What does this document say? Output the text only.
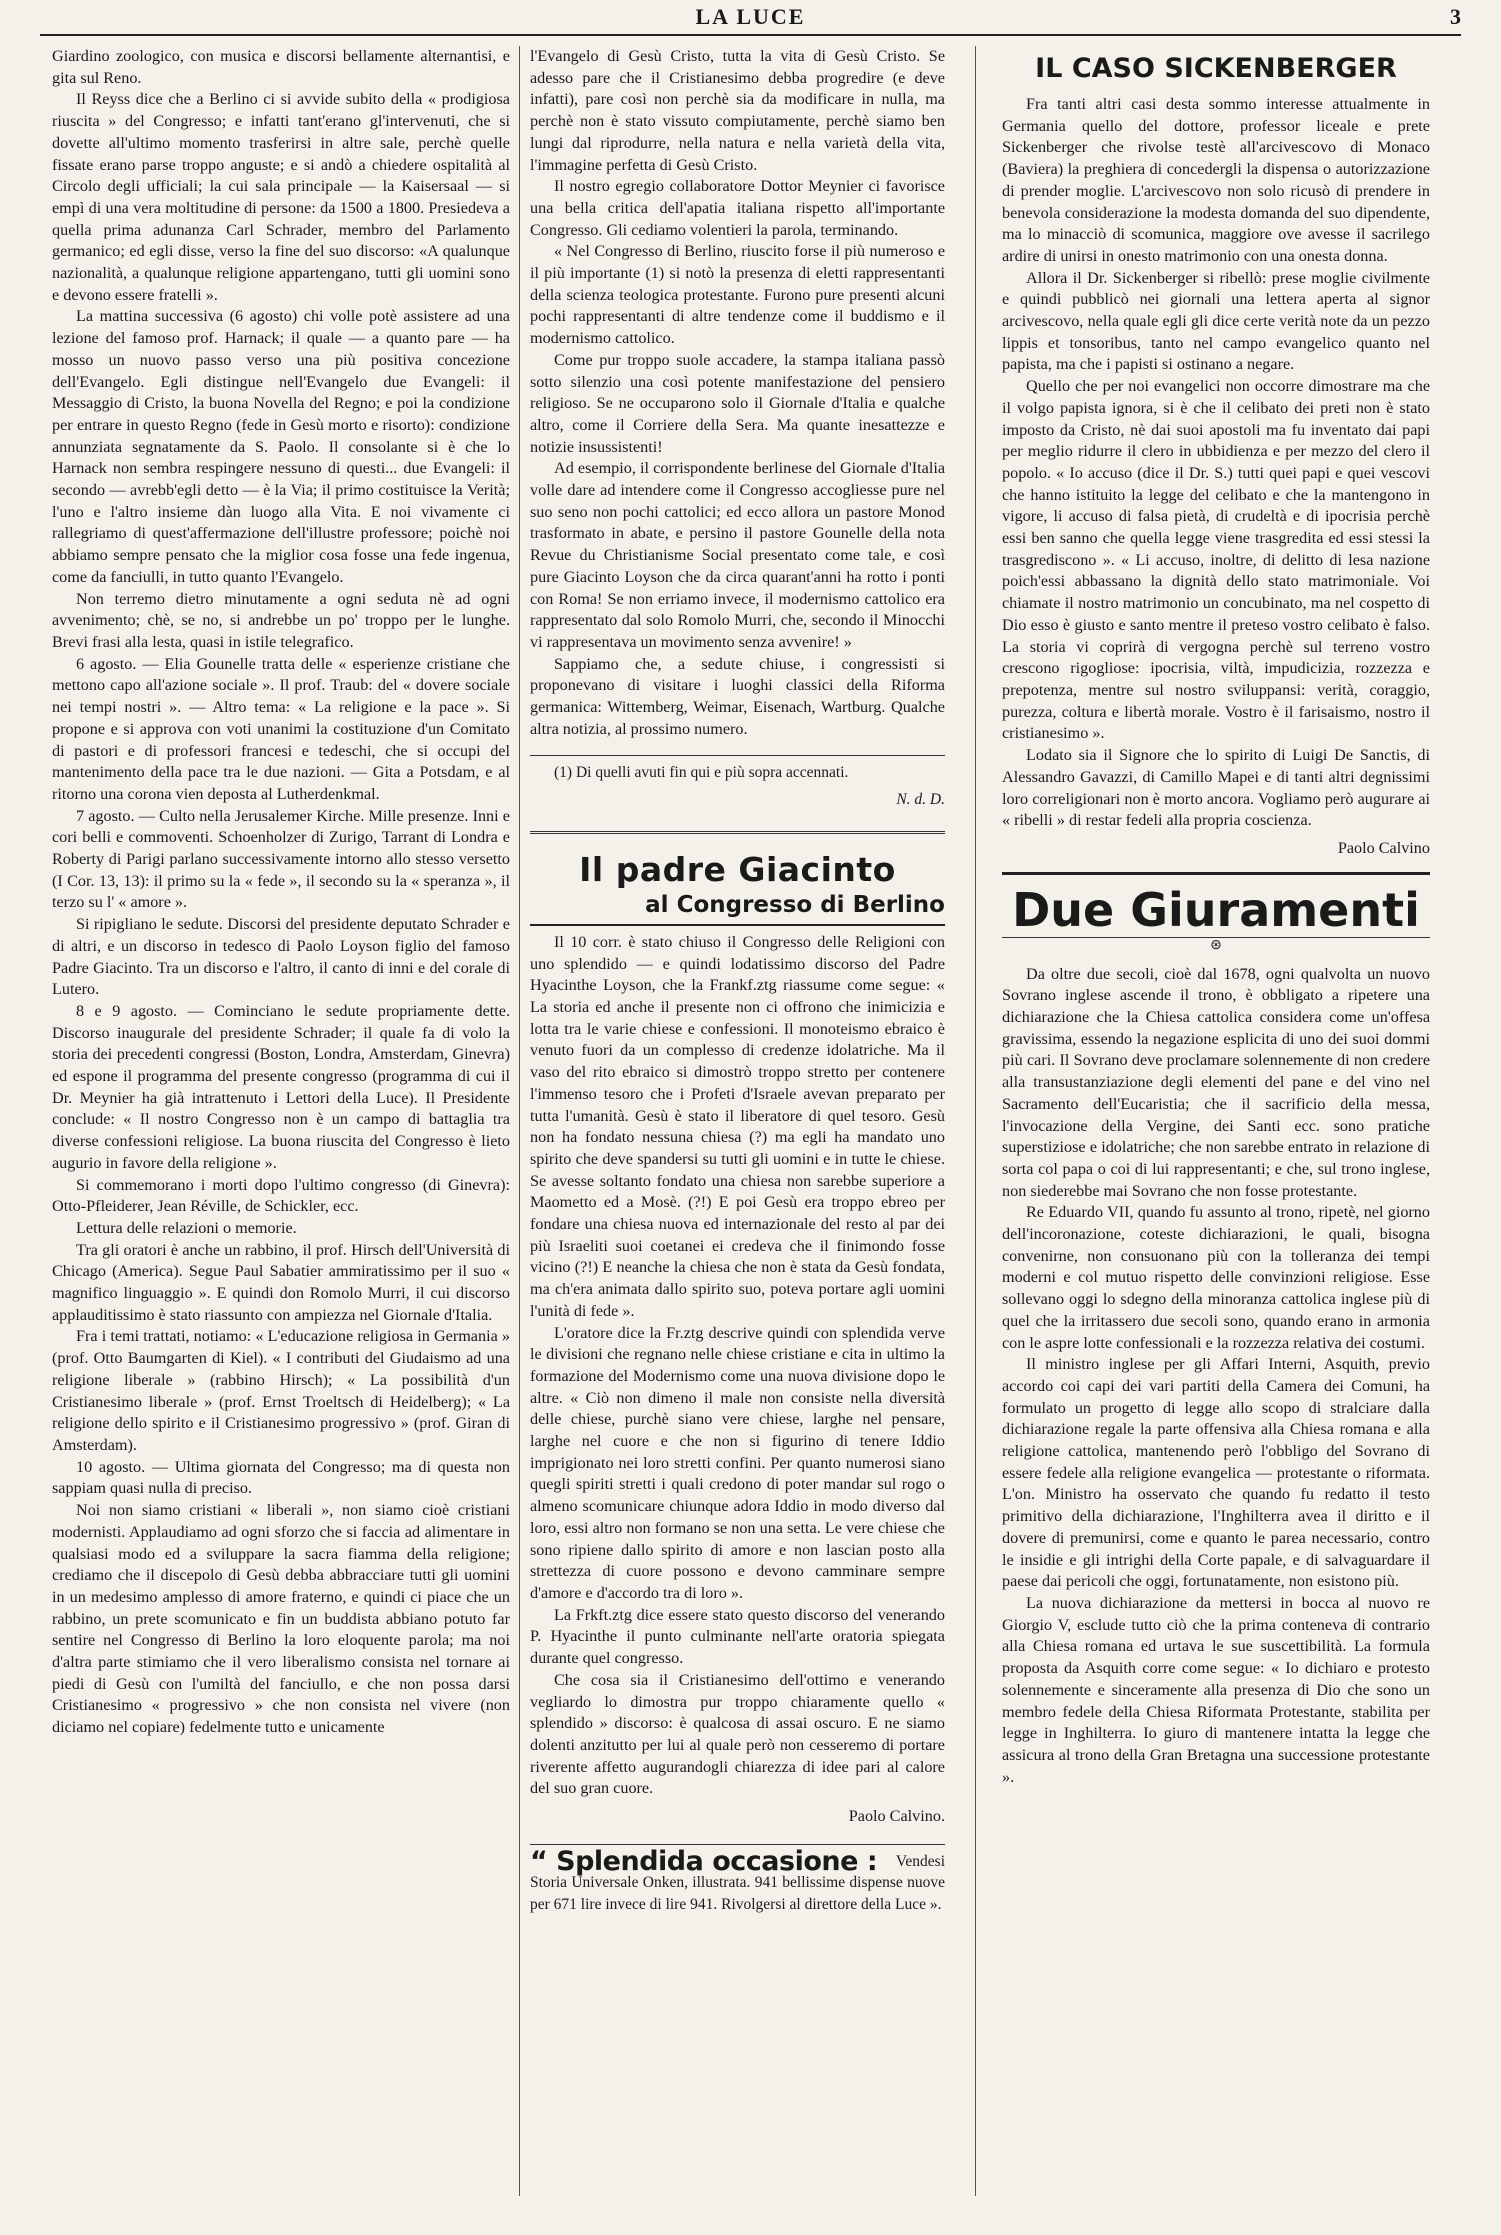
LA LUCE	3

Giardino zoologico, con musica e discorsi bellamente alternantisi, e gita sul Reno.

Il Reyss dice che a Berlino ci si avvide subito della « prodigiosa riuscita » del Congresso; e infatti tant'erano gl'intervenuti, che si dovette all'ultimo momento trasferirsi in altre sale, perchè quelle fissate erano parse troppo anguste; e si andò a chiedere ospitalità al Circolo degli ufficiali; la cui sala principale — la Kaisersaal — si empì di una vera moltitudine di persone: da 1500 a 1800. Presiedeva a quella prima adunanza Carl Schrader, membro del Parlamento germanico; ed egli disse, verso la fine del suo discorso: «A qualunque nazionalità, a qualunque religione appartengano, tutti gli uomini sono e devono essere fratelli ».

La mattina successiva (6 agosto) chi volle potè assistere ad una lezione del famoso prof. Harnack; il quale — a quanto pare — ha mosso un nuovo passo verso una più positiva concezione dell'Evangelo. Egli distingue nell'Evangelo due Evangeli: il Messaggio di Cristo, la buona Novella del Regno; e poi la condizione per entrare in questo Regno (fede in Gesù morto e risorto): condizione annunziata segnatamente da S. Paolo. Il consolante si è che lo Harnack non sembra respingere nessuno di questi... due Evangeli: il secondo — avrebb'egli detto — è la Via; il primo costituisce la Verità; l'uno e l'altro insieme dàn luogo alla Vita. E noi vivamente ci rallegriamo di quest'affermazione dell'illustre professore; poichè noi abbiamo sempre pensato che la miglior cosa fosse una fede ingenua, come da fanciulli, in tutto quanto l'Evangelo.

Non terremo dietro minutamente a ogni seduta nè ad ogni avvenimento; chè, se no, si andrebbe un po' troppo per le lunghe. Brevi frasi alla lesta, quasi in istile telegrafico.

6 agosto. — Elia Gounelle tratta delle « esperienze cristiane che mettono capo all'azione sociale ». Il prof. Traub: del « dovere sociale nei tempi nostri ». — Altro tema: « La religione e la pace ». Si propone e si approva con voti unanimi la costituzione d'un Comitato di pastori e di professori francesi e tedeschi, che si occupi del mantenimento della pace tra le due nazioni. — Gita a Potsdam, e al ritorno una corona vien deposta al Lutherdenkmal.

7 agosto. — Culto nella Jerusalemer Kirche. Mille presenze. Inni e cori belli e commoventi. Schoenholzer di Zurigo, Tarrant di Londra e Roberty di Parigi parlano successivamente intorno allo stesso versetto (I Cor. 13, 13): il primo su la « fede », il secondo su la « speranza », il terzo su l' « amore ».

Si ripigliano le sedute. Discorsi del presidente deputato Schrader e di altri, e un discorso in tedesco di Paolo Loyson figlio del famoso Padre Giacinto. Tra un discorso e l'altro, il canto di inni e del corale di Lutero.

8 e 9 agosto. — Cominciano le sedute propriamente dette. Discorso inaugurale del presidente Schrader; il quale fa di volo la storia dei precedenti congressi (Boston, Londra, Amsterdam, Ginevra) ed espone il programma del presente congresso (programma di cui il Dr. Meynier ha già intrattenuto i Lettori della Luce). Il Presidente conclude: « Il nostro Congresso non è un campo di battaglia tra diverse confessioni religiose. La buona riuscita del Congresso è lieto augurio in favore della religione ».

Si commemorano i morti dopo l'ultimo congresso (di Ginevra): Otto-Pfleiderer, Jean Réville, de Schickler, ecc.

Lettura delle relazioni o memorie.

Tra gli oratori è anche un rabbino, il prof. Hirsch dell'Università di Chicago (America). Segue Paul Sabatier ammiratissimo per il suo « magnifico linguaggio ». E quindi don Romolo Murri, il cui discorso applauditissimo è stato riassunto con ampiezza nel Giornale d'Italia.

Fra i temi trattati, notiamo: « L'educazione religiosa in Germania » (prof. Otto Baumgarten di Kiel). « I contributi del Giudaismo ad una religione liberale » (rabbino Hirsch); « La possibilità d'un Cristianesimo liberale » (prof. Ernst Troeltsch di Heidelberg); « La religione dello spirito e il Cristianesimo progressivo » (prof. Giran di Amsterdam).

10 agosto. — Ultima giornata del Congresso; ma di questa non sappiam quasi nulla di preciso.

Noi non siamo cristiani « liberali », non siamo cioè cristiani modernisti. Applaudiamo ad ogni sforzo che si faccia ad alimentare in qualsiasi modo ed a sviluppare la sacra fiamma della religione; crediamo che il discepolo di Gesù debba abbracciare tutti gli uomini in un medesimo amplesso di amore fraterno, e quindi ci piace che un rabbino, un prete scomunicato e fin un buddista abbiano potuto far sentire nel Congresso di Berlino la loro eloquente parola; ma noi d'altra parte stimiamo che il vero liberalismo consista nel tornare ai piedi di Gesù con l'umiltà del fanciullo, e che non possa darsi Cristianesimo « progressivo » che non consista nel vivere (non diciamo nel copiare) fedelmente tutto e unicamente

l'Evangelo di Gesù Cristo, tutta la vita di Gesù Cristo. Se adesso pare che il Cristianesimo debba progredire (e deve infatti), pare così non perchè sia da modificare in nulla, ma perchè non è stato vissuto compiutamente, perchè siamo ben lungi dal riprodurre, nella natura e nella varietà della vita, l'immagine perfetta di Gesù Cristo.

Il nostro egregio collaboratore Dottor Meynier ci favorisce una bella critica dell'apatia italiana rispetto all'importante Congresso. Gli cediamo volentieri la parola, terminando.

« Nel Congresso di Berlino, riuscito forse il più numeroso e il più importante (1) si notò la presenza di eletti rappresentanti della scienza teologica protestante. Furono pure presenti alcuni pochi rappresentanti di altre tendenze come il buddismo e il modernismo cattolico.

Come pur troppo suole accadere, la stampa italiana passò sotto silenzio una così potente manifestazione del pensiero religioso. Se ne occuparono solo il Giornale d'Italia e qualche altro, come il Corriere della Sera. Ma quante inesattezze e notizie insussistenti!

Ad esempio, il corrispondente berlinese del Giornale d'Italia volle dare ad intendere come il Congresso accogliesse pure nel suo seno non pochi cattolici; ed ecco allora un pastore Monod trasformato in abate, e persino il pastore Gounelle della nota Revue du Christianisme Social presentato come tale, e così pure Giacinto Loyson che da circa quarant'anni ha rotto i ponti con Roma! Se non erriamo invece, il modernismo cattolico era rappresentato dal solo Romolo Murri, che, secondo il Minocchi vi rappresentava un movimento senza avvenire! »

Sappiamo che, a sedute chiuse, i congressisti si proponevano di visitare i luoghi classici della Riforma germanica: Wittemberg, Weimar, Eisenach, Wartburg. Qualche altra notizia, al prossimo numero.

(1) Di quelli avuti fin qui e più sopra accennati.

N. d. D.
Il padre Giacinto
al Congresso di Berlino

Il 10 corr. è stato chiuso il Congresso delle Religioni con uno splendido — e quindi lodatissimo discorso del Padre Hyacinthe Loyson, che la Frankf.ztg riassume come segue: « La storia ed anche il presente non ci offrono che inimicizia e lotta tra le varie chiese e confessioni. Il monoteismo ebraico è venuto fuori da un complesso di credenze idolatriche. Ma il vaso del rito ebraico si dimostrò troppo stretto per contenere l'immenso tesoro che i Profeti d'Israele avevan preparato per tutta l'umanità. Gesù è stato il liberatore di quel tesoro. Gesù non ha fondato nessuna chiesa (?) ma egli ha mandato uno spirito che deve spandersi su tutti gli uomini e in tutte le chiese. Se avesse soltanto fondato una chiesa non sarebbe superiore a Maometto ed a Mosè. (?!) E poi Gesù era troppo ebreo per fondare una chiesa nuova ed internazionale del resto al par dei più Israeliti suoi coetanei ei credeva che il finimondo fosse vicino (?!) E neanche la chiesa che non è stata da Gesù fondata, ma ch'era animata dallo spirito suo, poteva portare agli uomini l'unità di fede ».

L'oratore dice la Fr.ztg descrive quindi con splendida verve le divisioni che regnano nelle chiese cristiane e cita in ultimo la formazione del Modernismo come una nuova divisione dopo le altre. « Ciò non dimeno il male non consiste nella diversità delle chiese, purchè siano vere chiese, larghe nel pensare, larghe nel cuore e che non si figurino di tenere Iddio imprigionato nei loro stretti confini. Per quanto numerosi siano quegli spiriti stretti i quali credono di poter mandar sul rogo o almeno scomunicare chiunque adora Iddio in modo diverso dal loro, essi altro non formano se non una setta. Le vere chiese che sono ripiene dallo spirito di amore e non lascian posto alla strettezza di cuore possono e devono camminare sempre d'amore e d'accordo tra di loro ».

La Frkft.ztg dice essere stato questo discorso del venerando P. Hyacinthe il punto culminante nell'arte oratoria spiegata durante quel congresso.

Che cosa sia il Cristianesimo dell'ottimo e venerando vegliardo lo dimostra pur troppo chiaramente quello « splendido » discorso: è qualcosa di assai oscuro. E ne siamo dolenti anzitutto per lui al quale però non cesseremo di portare riverente affetto augurandogli chiarezza di idee pari al calore del suo gran cuore.

Paolo Calvino.
“ Splendida occasione : Vendesi Storia Universale Onken, illustrata. 941 bellissime dispense nuove per 671 lire invece di lire 941. Rivolgersi al direttore della Luce ».
IL CASO SICKENBERGER

Fra tanti altri casi desta sommo interesse attualmente in Germania quello del dottore, professor liceale e prete Sickenberger che rivolse testè all'arcivescovo di Monaco (Baviera) la preghiera di concedergli la dispensa o autorizzazione di prender moglie. L'arcivescovo non solo ricusò di prendere in benevola considerazione la modesta domanda del suo dipendente, ma lo minacciò di scomunica, maggiore ove avesse il sacrilego ardire di unirsi in onesto matrimonio con una onesta donna.

Allora il Dr. Sickenberger si ribellò: prese moglie civilmente e quindi pubblicò nei giornali una lettera aperta al signor arcivescovo, nella quale egli gli dice certe verità note da un pezzo lippis et tonsoribus, tanto nel campo evangelico quanto nel papista, ma che i papisti si ostinano a negare.

Quello che per noi evangelici non occorre dimostrare ma che il volgo papista ignora, si è che il celibato dei preti non è stato imposto da Cristo, nè dai suoi apostoli ma fu inventato dai papi per meglio ridurre il clero in ubbidienza e per mezzo del clero il popolo. « Io accuso (dice il Dr. S.) tutti quei papi e quei vescovi che hanno istituito la legge del celibato e che la mantengono in vigore, li accuso di falsa pietà, di crudeltà e di ipocrisia perchè essi ben sanno che quella legge viene trasgredita ed essi stessi la trasgrediscono ». « Li accuso, inoltre, di delitto di lesa nazione poich'essi abbassano la dignità dello stato matrimoniale. Voi chiamate il nostro matrimonio un concubinato, ma nel cospetto di Dio esso è giusto e santo mentre il preteso vostro celibato è falso. La storia vi coprirà di vergogna perchè sul terreno vostro crescono rigogliose: ipocrisia, viltà, impudicizia, rozzezza e prepotenza, mentre sul nostro sviluppansi: verità, coraggio, purezza, coltura e libertà morale. Vostro è il farisaismo, nostro il cristianesimo ».

Lodato sia il Signore che lo spirito di Luigi De Sanctis, di Alessandro Gavazzi, di Camillo Mapei e di tanti altri degnissimi loro correligionari non è morto ancora. Vogliamo però augurare ai « ribelli » di restar fedeli alla propria coscienza.

Paolo Calvino
Due Giuramenti
⊛

Da oltre due secoli, cioè dal 1678, ogni qualvolta un nuovo Sovrano inglese ascende il trono, è obbligato a ripetere una dichiarazione che la Chiesa cattolica considera come un'offesa gravissima, essendo la negazione esplicita di uno dei suoi dommi più cari. Il Sovrano deve proclamare solennemente di non credere alla transustanziazione degli elementi del pane e del vino nel Sacramento dell'Eucaristia; che il sacrificio della messa, l'invocazione della Vergine, dei Santi ecc. sono pratiche superstiziose e idolatriche; che non sarebbe entrato in relazione di sorta col papa o coi di lui rappresentanti; e che, sul trono inglese, non siederebbe mai Sovrano che non fosse protestante.

Re Eduardo VII, quando fu assunto al trono, ripetè, nel giorno dell'incoronazione, coteste dichiarazioni, le quali, bisogna convenirne, non consuonano più con la tolleranza dei tempi moderni e col mutuo rispetto delle convinzioni religiose. Esse sollevano oggi lo sdegno della minoranza cattolica inglese più di quel che la irritassero due secoli sono, quando erano in armonia con le aspre lotte confessionali e la rozzezza relativa dei costumi.

Il ministro inglese per gli Affari Interni, Asquith, previo accordo coi capi dei vari partiti della Camera dei Comuni, ha formulato un progetto di legge allo scopo di stralciare dalla dichiarazione regale la parte offensiva alla Chiesa romana e alla religione cattolica, mantenendo però l'obbligo del Sovrano di essere fedele alla religione evangelica — protestante o riformata. L'on. Ministro ha osservato che quando fu redatto il testo primitivo della dichiarazione, l'Inghilterra avea il diritto e il dovere di premunirsi, come e quanto le parea necessario, contro le insidie e gli intrighi della Corte papale, e di salvaguardare il paese dai pericoli che oggi, fortunatamente, non esistono più.

La nuova dichiarazione da mettersi in bocca al nuovo re Giorgio V, esclude tutto ciò che la prima conteneva di contrario alla Chiesa romana ed urtava le sue suscettibilità. La formula proposta da Asquith corre come segue: « Io dichiaro e protesto solennemente e sinceramente alla presenza di Dio che sono un membro fedele della Chiesa Riformata Protestante, stabilita per legge in Inghilterra. Io giuro di mantenere intatta la legge che assicura al trono della Gran Bretagna una successione protestante ».
